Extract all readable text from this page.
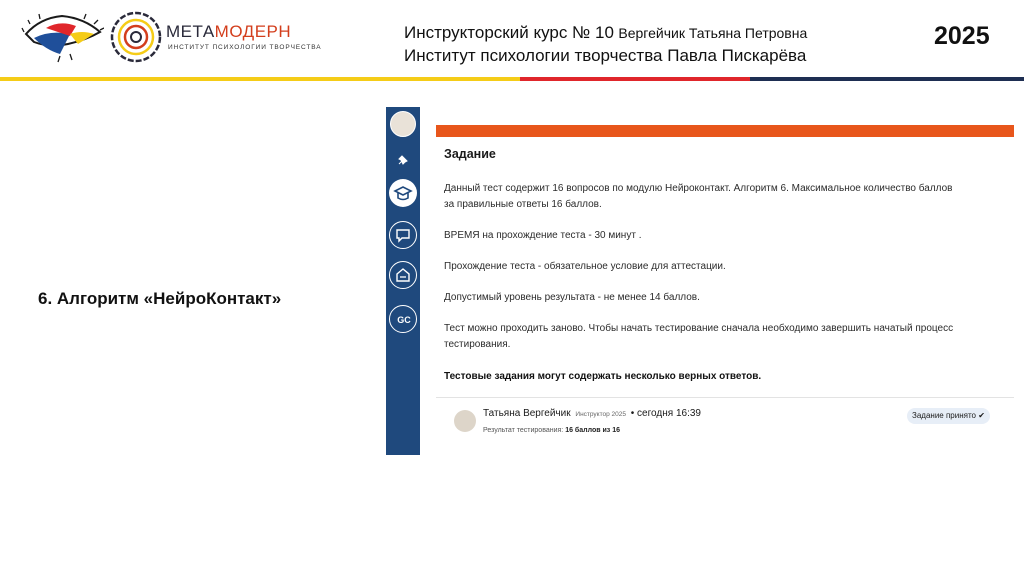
МЕТАМОДЕРН
ИНСТИТУТ ПСИХОЛОГИИ ТВОРЧЕСТВА
Инструкторский курс № 10 Вергейчик Татьяна Петровна
Институт психологии творчества Павла Пискарёва
2025
6. Алгоритм «НейроКонтакт»
GC
Задание
Данный тест содержит 16 вопросов по модулю Нейроконтакт. Алгоритм 6. Максимальное количество баллов за правильные ответы 16 баллов.
ВРЕМЯ на прохождение теста - 30 минут .
Прохождение теста - обязательное условие для аттестации.
Допустимый уровень результата - не менее 14 баллов.
Тест можно проходить заново. Чтобы начать тестирование сначала необходимо завершить начатый процесс тестирования.
Тестовые задания могут содержать несколько верных ответов.
Татьяна Вергейчик Инструктор 2025 • сегодня 16:39
Результат тестирования: 16 баллов из 16
Задание принято ✔
